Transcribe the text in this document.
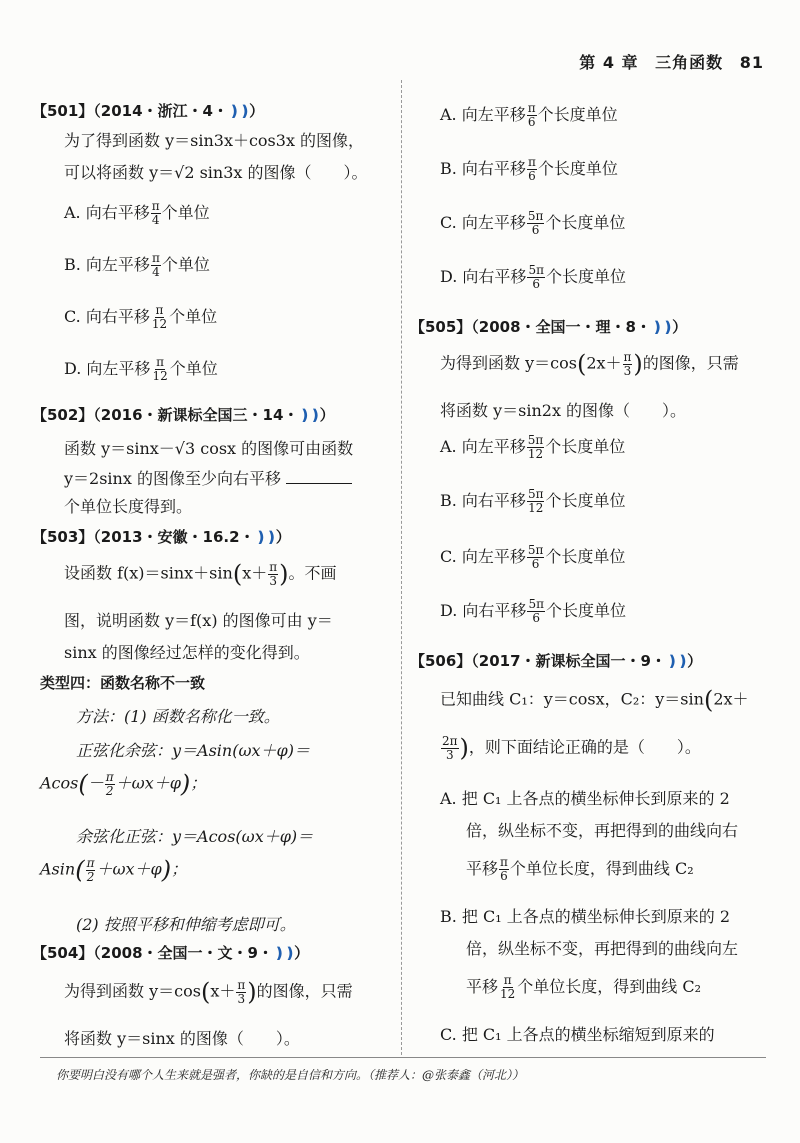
第 4 章 三角函数 81
【501】（2014・浙江・4・❫❫）
为了得到函数 y＝sin3x＋cos3x 的图像，
可以将函数 y＝√2 sin3x 的图像（　　）。
A. 向右平移 $\frac{\pi}{4}$ 个单位
B. 向左平移 $\frac{\pi}{4}$ 个单位
C. 向右平移 $\frac{\pi}{12}$ 个单位
D. 向左平移 $\frac{\pi}{12}$ 个单位
【502】（2016・新课标全国三・14・❫❫）
函数 y＝sinx－√3 cosx 的图像可由函数
y＝2sinx 的图像至少向右平移
个单位长度得到。
【503】（2013・安徽・16.2・❫❫）
设函数 $f(x)=\sin x+\sin(x+ \frac{\pi}{3}$ )。不画
图，说明函数 y＝f(x) 的图像可由 y＝
sinx 的图像经过怎样的变化得到。
类型四：函数名称不一致
方法：(1) 函数名称化一致。
正弦化余弦：y＝Asin(ωx＋φ)＝
$Acos(- \frac{\pi}{2} +\omega x+\varphi)$；
余弦化正弦：y＝Acos(ωx＋φ)＝
$Asin( \frac{\pi}{2} +\omega x+\varphi)$；
(2) 按照平移和伸缩考虑即可。
【504】（2008・全国一・文・9・❫❫）
为得到函数 $y=\cos(x+ \frac{\pi}{3}$ )的图像，只需
将函数 y＝sinx 的图像（　　）。
A. 向左平移 $\frac{\pi}{6}$ 个长度单位
B. 向右平移 $\frac{\pi}{6}$ 个长度单位
C. 向左平移 $\frac{5\pi}{6}$ 个长度单位
D. 向右平移 $\frac{5\pi}{6}$ 个长度单位
【505】（2008・全国一・理・8・❫❫）
为得到函数 $y=\cos(2x+ \frac{\pi}{3}$ )的图像，只需
将函数 y＝sin2x 的图像（　　）。
A. 向左平移 $\frac{5\pi}{12}$ 个长度单位
B. 向右平移 $\frac{5\pi}{12}$ 个长度单位
C. 向左平移 $\frac{5\pi}{6}$ 个长度单位
D. 向右平移 $\frac{5\pi}{6}$ 个长度单位
【506】（2017・新课标全国一・9・❫❫）
已知曲线 C₁：y＝cosx，C₂：y＝sin(2x＋
$\frac{2\pi}{3}$ )，则下面结论正确的是（　　）。
A. 把 C₁ 上各点的横坐标伸长到原来的 2
倍，纵坐标不变，再把得到的曲线向右
平移 $\frac{\pi}{6}$ 个单位长度，得到曲线 C₂
B. 把 C₁ 上各点的横坐标伸长到原来的 2
倍，纵坐标不变，再把得到的曲线向左
平移 $\frac{\pi}{12}$ 个单位长度，得到曲线 C₂
C. 把 C₁ 上各点的横坐标缩短到原来的
你要明白没有哪个人生来就是强者，你缺的是自信和方向。（推荐人：@张泰鑫（河北））
